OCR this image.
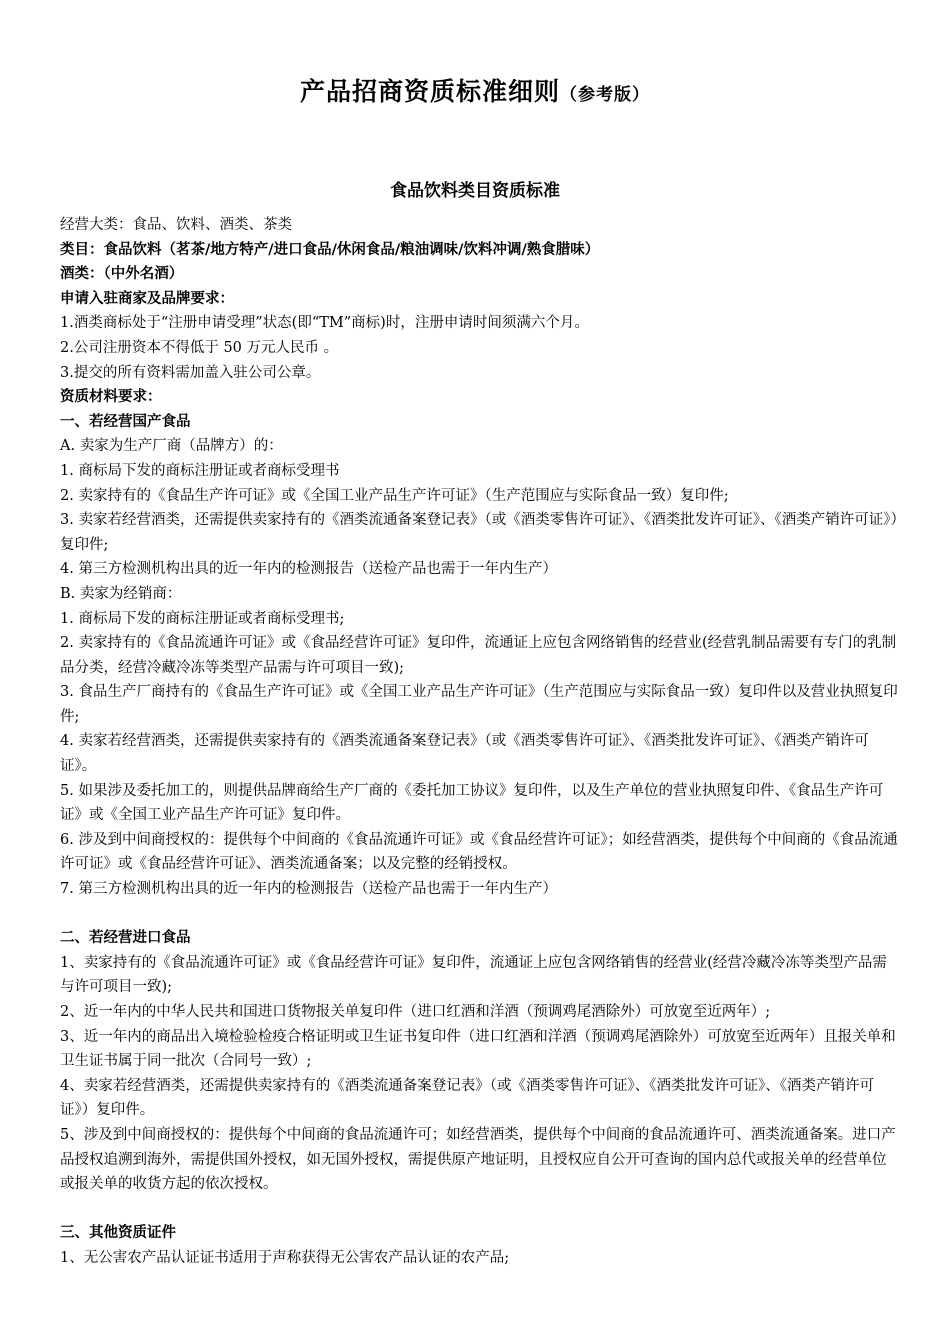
产品招商资质标准细则（参考版）
食品饮料类目资质标准

经营大类：食品、饮料、酒类、茶类

类目：食品饮料（茗茶/地方特产/进口食品/休闲食品/粮油调味/饮料冲调/熟食腊味）

酒类：（中外名酒）

申请入驻商家及品牌要求：

1.酒类商标处于“注册申请受理”状态(即“TM”商标)时，注册申请时间须满六个月。

2.公司注册资本不得低于 50 万元人民币 。

3.提交的所有资料需加盖入驻公司公章。

资质材料要求：

一、若经营国产食品

A. 卖家为生产厂商（品牌方）的：

1. 商标局下发的商标注册证或者商标受理书

2. 卖家持有的《食品生产许可证》或《全国工业产品生产许可证》（生产范围应与实际食品一致）复印件;

3. 卖家若经营酒类，还需提供卖家持有的《酒类流通备案登记表》（或《酒类零售许可证》、《酒类批发许可证》、《酒类产销许可证》）复印件;

4. 第三方检测机构出具的近一年内的检测报告（送检产品也需于一年内生产）

B. 卖家为经销商：

1. 商标局下发的商标注册证或者商标受理书;

2. 卖家持有的《食品流通许可证》或《食品经营许可证》复印件，流通证上应包含网络销售的经营业(经营乳制品需要有专门的乳制品分类，经营冷藏冷冻等类型产品需与许可项目一致);

3. 食品生产厂商持有的《食品生产许可证》或《全国工业产品生产许可证》（生产范围应与实际食品一致）复印件以及营业执照复印件;

4. 卖家若经营酒类，还需提供卖家持有的《酒类流通备案登记表》（或《酒类零售许可证》、《酒类批发许可证》、《酒类产销许可证》。

5. 如果涉及委托加工的，则提供品牌商给生产厂商的《委托加工协议》复印件，以及生产单位的营业执照复印件、《食品生产许可证》或《全国工业产品生产许可证》复印件。

6. 涉及到中间商授权的：提供每个中间商的《食品流通许可证》或《食品经营许可证》；如经营酒类，提供每个中间商的《食品流通许可证》或《食品经营许可证》、酒类流通备案；以及完整的经销授权。

7. 第三方检测机构出具的近一年内的检测报告（送检产品也需于一年内生产）

二、若经营进口食品

1、卖家持有的《食品流通许可证》或《食品经营许可证》复印件，流通证上应包含网络销售的经营业(经营冷藏冷冻等类型产品需与许可项目一致);

2、近一年内的中华人民共和国进口货物报关单复印件（进口红酒和洋酒（预调鸡尾酒除外）可放宽至近两年）;

3、近一年内的商品出入境检验检疫合格证明或卫生证书复印件（进口红酒和洋酒（预调鸡尾酒除外）可放宽至近两年）且报关单和卫生证书属于同一批次（合同号一致）;

4、卖家若经营酒类，还需提供卖家持有的《酒类流通备案登记表》（或《酒类零售许可证》、《酒类批发许可证》、《酒类产销许可证》）复印件。

5、涉及到中间商授权的：提供每个中间商的食品流通许可；如经营酒类，提供每个中间商的食品流通许可、酒类流通备案。进口产品授权追溯到海外，需提供国外授权，如无国外授权，需提供原产地证明，且授权应自公开可查询的国内总代或报关单的经营单位或报关单的收货方起的依次授权。

三、其他资质证件

1、无公害农产品认证证书适用于声称获得无公害农产品认证的农产品;
